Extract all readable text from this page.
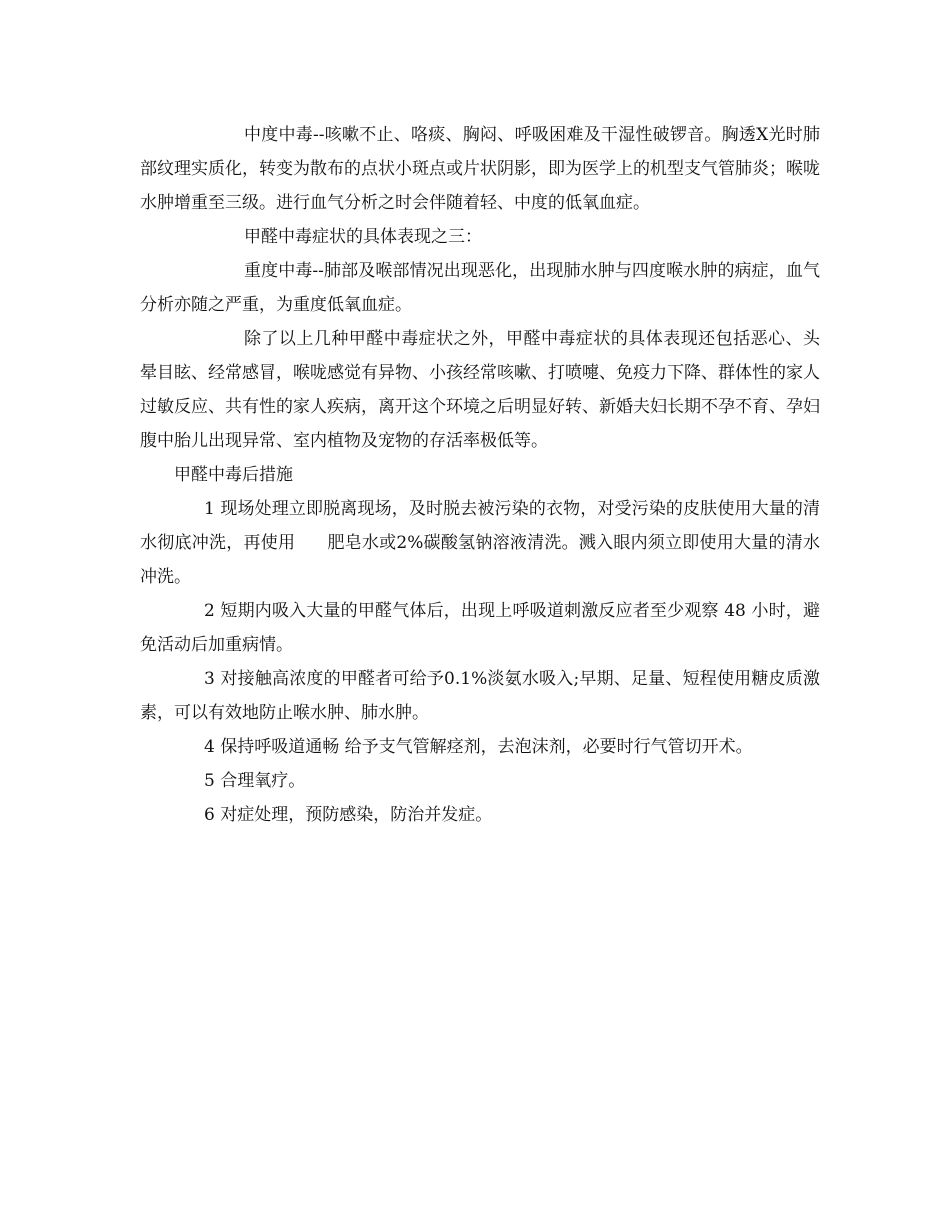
中度中毒--咳嗽不止、咯痰、胸闷、呼吸困难及干湿性破锣音。胸透X光时肺部纹理实质化，转变为散布的点状小斑点或片状阴影，即为医学上的机型支气管肺炎；喉咙水肿增重至三级。进行血气分析之时会伴随着轻、中度的低氧血症。

甲醛中毒症状的具体表现之三：

重度中毒--肺部及喉部情况出现恶化，出现肺水肿与四度喉水肿的病症，血气分析亦随之严重，为重度低氧血症。

除了以上几种甲醛中毒症状之外，甲醛中毒症状的具体表现还包括恶心、头晕目眩、经常感冒，喉咙感觉有异物、小孩经常咳嗽、打喷嚏、免疫力下降、群体性的家人过敏反应、共有性的家人疾病，离开这个环境之后明显好转、新婚夫妇长期不孕不育、孕妇腹中胎儿出现异常、室内植物及宠物的存活率极低等。

甲醛中毒后措施

1 现场处理立即脱离现场，及时脱去被污染的衣物，对受污染的皮肤使用大量的清水彻底冲洗，再使用 肥皂水或2%碳酸氢钠溶液清洗。溅入眼内须立即使用大量的清水冲洗。

2 短期内吸入大量的甲醛气体后，出现上呼吸道刺激反应者至少观察 48 小时，避免活动后加重病情。

3 对接触高浓度的甲醛者可给予0.1%淡氨水吸入;早期、足量、短程使用糖皮质激素，可以有效地防止喉水肿、肺水肿。

4 保持呼吸道通畅 给予支气管解痉剂，去泡沫剂，必要时行气管切开术。

5 合理氧疗。

6 对症处理，预防感染，防治并发症。
